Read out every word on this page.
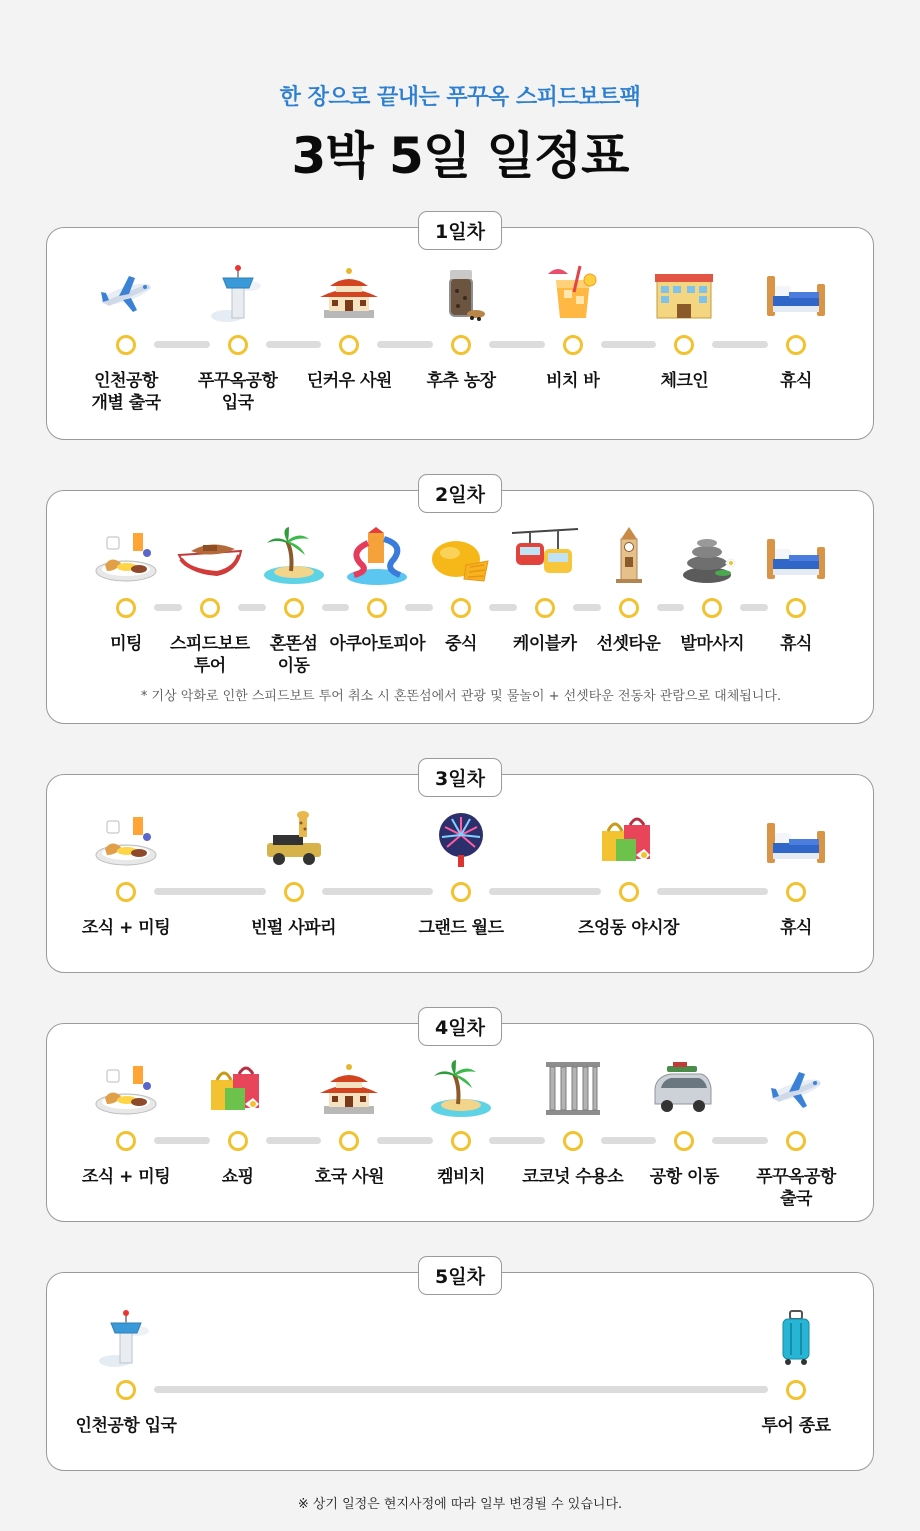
한 장으로 끝내는 푸꾸옥 스피드보트팩
3박 5일 일정표
1일차
인천공항
개별 출국
푸꾸옥공항
입국
딘커우 사원	후추 농장	비치 바	체크인	휴식
2일차
미팅	스피드보트
투어
혼똔섬
이동
아쿠아토피아	중식	케이블카	선셋타운	발마사지	휴식
* 기상 악화로 인한 스피드보트 투어 취소 시 혼똔섬에서 관광 및 물놀이 + 선셋타운 전동차 관람으로 대체됩니다.
3일차
조식 + 미팅	빈펄 사파리	그랜드 월드	즈엉동 야시장	휴식
4일차
조식 + 미팅	쇼핑	호국 사원	켐비치	코코넛 수용소	공항 이동	푸꾸옥공항
출국
5일차
인천공항 입국	투어 종료
※ 상기 일정은 현지사정에 따라 일부 변경될 수 있습니다.
